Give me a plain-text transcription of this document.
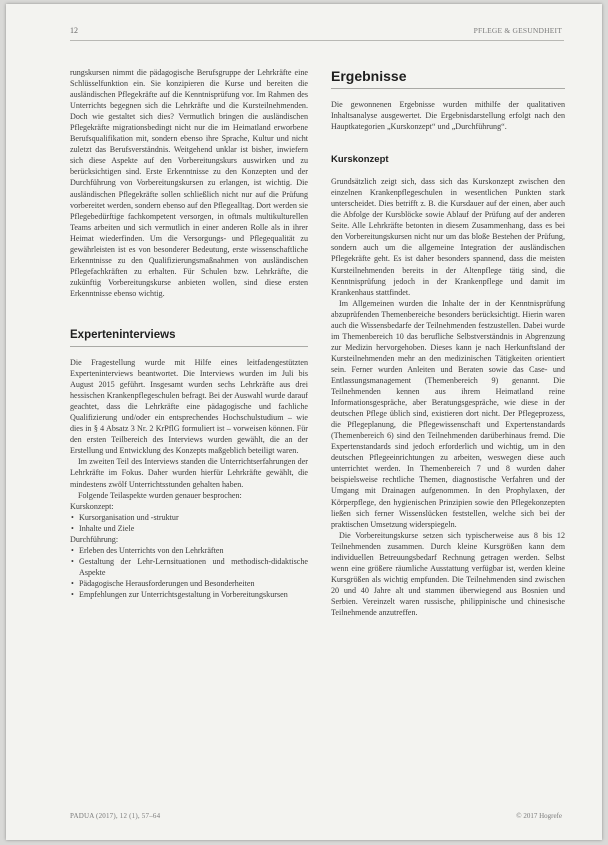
12	PFLEGE & GESUNDHEIT

rungskursen nimmt die pädagogische Berufsgruppe der Lehrkräfte eine Schlüsselfunktion ein. Sie konzipieren die Kurse und bereiten die ausländischen Pflegekräfte auf die Kenntnisprüfung vor. Im Rahmen des Unterrichts begegnen sich die Lehrkräfte und die Kursteilnehmenden. Doch wie gestaltet sich dies? Vermutlich bringen die ausländischen Pflegekräfte migrationsbedingt nicht nur die im Heimatland erworbene Berufsqualifikation mit, sondern ebenso ihre Sprache, Kultur und nicht zuletzt das Berufsverständnis. Weitgehend unklar ist bisher, inwiefern sich diese Aspekte auf den Vorbereitungskurs auswirken und zu berücksichtigen sind. Erste Erkenntnisse zu den Konzepten und der Durchführung von Vorbereitungskursen zu erlangen, ist wichtig. Die ausländischen Pflegekräfte sollen schließlich nicht nur auf die Prüfung vorbereitet werden, sondern ebenso auf den Pflegealltag. Dort werden sie Pflegebedürftige fachkompetent versorgen, in oftmals multikulturellen Teams arbeiten und sich vermutlich in einer anderen Rolle als in ihrer Heimat wiederfinden. Um die Versorgungs- und Pflegequalität zu gewährleisten ist es von besonderer Bedeutung, erste wissenschaftliche Erkenntnisse zu den Qualifizierungsmaßnahmen von ausländischen Pflegefachkräften zu erhalten. Für Schulen bzw. Lehrkräfte, die zukünftig Vorbereitungskurse anbieten wollen, sind diese ersten Erkenntnisse ebenso wichtig.

Experteninterviews

Die Fragestellung wurde mit Hilfe eines leitfadengestützten Experteninterviews beantwortet. Die Interviews wurden im Juli bis August 2015 geführt. Insgesamt wurden sechs Lehrkräfte aus drei hessischen Krankenpflegeschulen befragt. Bei der Auswahl wurde darauf geachtet, dass die Lehrkräfte eine pädagogische und fachliche Qualifizierung und/oder ein entsprechendes Hochschulstudium – wie dies in § 4 Absatz 3 Nr. 2 KrPflG formuliert ist – vorweisen können. Für den ersten Teilbereich des Interviews wurden gewählt, die an der Erstellung und Entwicklung des Konzepts maßgeblich beteiligt waren.

Im zweiten Teil des Interviews standen die Unterrichtserfahrungen der Lehrkräfte im Fokus. Daher wurden hierfür Lehrkräfte gewählt, die mindestens zwölf Unterrichtsstunden gehalten haben.

Folgende Teilaspekte wurden genauer besprochen:

Kurskonzept:

• Kursorganisation und -struktur
• Inhalte und Ziele

Durchführung:

• Erleben des Unterrichts von den Lehrkräften
• Gestaltung der Lehr-Lernsituationen und methodisch-didaktische Aspekte
• Pädagogische Herausforderungen und Besonderheiten
• Empfehlungen zur Unterrichtsgestaltung in Vorbereitungskursen
Ergebnisse

Die gewonnenen Ergebnisse wurden mithilfe der qualitativen Inhaltsanalyse ausgewertet. Die Ergebnisdarstellung erfolgt nach den Hauptkategorien „Kurskonzept“ und „Durchführung“.

Kurskonzept

Grundsätzlich zeigt sich, dass sich das Kurskonzept zwischen den einzelnen Krankenpflegeschulen in wesentlichen Punkten stark unterscheidet. Dies betrifft z. B. die Kursdauer auf der einen, aber auch die Abfolge der Kursblöcke sowie Ablauf der Prüfung auf der anderen Seite. Alle Lehrkräfte betonten in diesem Zusammenhang, dass es bei den Vorbereitungskursen nicht nur um das bloße Bestehen der Prüfung, sondern auch um die allgemeine Integration der ausländischen Pflegekräfte geht. Es ist daher besonders spannend, dass die meisten Kursteilnehmenden bereits in der Altenpflege tätig sind, die Kenntnisprüfung jedoch in der Krankenpflege und damit im Krankenhaus stattfindet.

Im Allgemeinen wurden die Inhalte der in der Kenntnisprüfung abzuprüfenden Themenbereiche besonders berücksichtigt. Hierin waren auch die Wissensbedarfe der Teilnehmenden festzustellen. Dabei wurde im Themenbereich 10 das berufliche Selbstverständnis in Abgrenzung zur Medizin hervorgehoben. Dieses kann je nach Herkunftsland der Kursteilnehmenden mehr an den medizinischen Tätigkeiten orientiert sein. Ferner wurden Anleiten und Beraten sowie das Case- und Entlassungsmanagement (Themenbereich 9) genannt. Die Teilnehmenden kennen aus ihrem Heimatland reine Informationsgespräche, aber Beratungsgespräche, wie diese in der deutschen Pflege üblich sind, existieren dort nicht. Der Pflegeprozess, die Pflegeplanung, die Pflegewissenschaft und Expertenstandards (Themenbereich 6) sind den Teilnehmenden darüberhinaus fremd. Die Expertenstandards sind jedoch erforderlich und wichtig, um in den deutschen Pflegeeinrichtungen zu arbeiten, weswegen diese auch unterrichtet werden. In Themenbereich 7 und 8 wurden daher beispielsweise rechtliche Themen, diagnostische Verfahren und der Umgang mit Drainagen aufgenommen. In den Prophylaxen, der Körperpflege, den hygienischen Prinzipien sowie den Pflegekonzepten ließen sich ferner Wissenslücken feststellen, welche sich bei der praktischen Umsetzung widerspiegeln.

Die Vorbereitungskurse setzen sich typischerweise aus 8 bis 12 Teilnehmenden zusammen. Durch kleine Kursgrößen kann dem individuellen Betreuungsbedarf Rechnung getragen werden. Selbst wenn eine größere räumliche Ausstattung verfügbar ist, werden kleine Kursgrößen als wichtig empfunden. Die Teilnehmenden sind zwischen 20 und 40 Jahre alt und stammen überwiegend aus Bosnien und Serbien. Vereinzelt waren russische, philippinische und chinesische Teilnehmende anzutreffen.

PADUA (2017), 12 (1), 57–64	© 2017 Hogrefe
